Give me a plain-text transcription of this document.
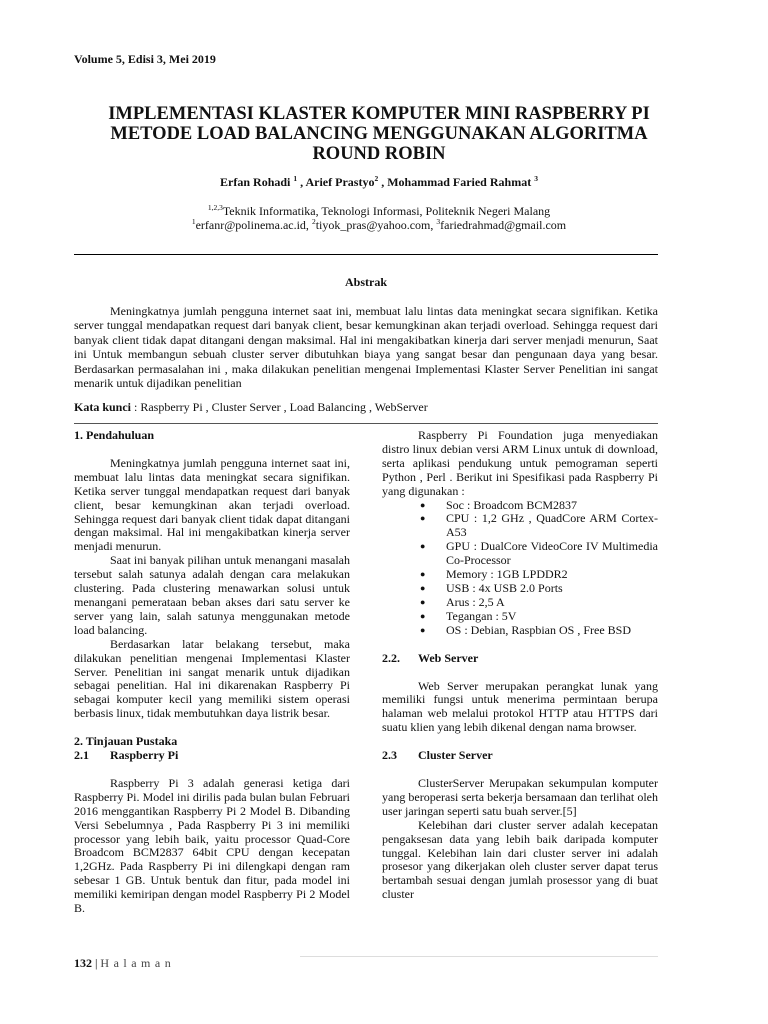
Volume 5, Edisi 3, Mei 2019
IMPLEMENTASI KLASTER KOMPUTER MINI RASPBERRY PI
METODE LOAD BALANCING MENGGUNAKAN ALGORITMA
ROUND ROBIN
Erfan Rohadi $^1$ , Arief Prastyo$^2$ , Mohammad Faried Rahmat $^3$
$^{1,2,3}$Teknik Informatika, Teknologi Informasi, Politeknik Negeri Malang
$^1$erfanr@polinema.ac.id, $^2$tiyok_pras@yahoo.com, $^3$fariedrahmad@gmail.com
Abstrak
Meningkatnya jumlah pengguna internet saat ini, membuat lalu lintas data meningkat secara signifikan. Ketika server tunggal mendapatkan request dari banyak client, besar kemungkinan akan terjadi overload. Sehingga request dari banyak client tidak dapat ditangani dengan maksimal. Hal ini mengakibatkan kinerja dari server menjadi menurun, Saat ini Untuk membangun sebuah cluster server dibutuhkan biaya yang sangat besar dan pengunaan daya yang besar. Berdasarkan permasalahan ini , maka dilakukan penelitian mengenai Implementasi Klaster Server Penelitian ini sangat menarik untuk dijadikan penelitian
Kata kunci : Raspberry Pi , Cluster Server , Load Balancing , WebServer
1. Pendahuluan
Meningkatnya jumlah pengguna internet saat ini, membuat lalu lintas data meningkat secara signifikan. Ketika server tunggal mendapatkan request dari banyak client, besar kemungkinan akan terjadi overload. Sehingga request dari banyak client tidak dapat ditangani dengan maksimal. Hal ini mengakibatkan kinerja server menjadi menurun.
Saat ini banyak pilihan untuk menangani masalah tersebut salah satunya adalah dengan cara melakukan clustering. Pada clustering menawarkan solusi untuk menangani pemerataan beban akses dari satu server ke server yang lain, salah satunya menggunakan metode load balancing.
Berdasarkan latar belakang tersebut, maka dilakukan penelitian mengenai Implementasi Klaster Server. Penelitian ini sangat menarik untuk dijadikan sebagai penelitian. Hal ini dikarenakan Raspberry Pi sebagai komputer kecil yang memiliki sistem operasi berbasis linux, tidak membutuhkan daya listrik besar.
2. Tinjauan Pustaka
2.1 Raspberry Pi
Raspberry Pi 3 adalah generasi ketiga dari Raspberry Pi. Model ini dirilis pada bulan bulan Februari 2016 menggantikan Raspberry Pi 2 Model B. Dibanding Versi Sebelumnya , Pada Raspberry Pi 3 ini memiliki processor yang lebih baik, yaitu processor Quad-Core Broadcom BCM2837 64bit CPU dengan kecepatan 1,2GHz. Pada Raspberry Pi ini dilengkapi dengan ram sebesar 1 GB. Untuk bentuk dan fitur, pada model ini memiliki kemiripan dengan model Raspberry Pi 2 Model B.
Raspberry Pi Foundation juga menyediakan distro linux debian versi ARM Linux untuk di download, serta aplikasi pendukung untuk pemograman seperti Python , Perl . Berikut ini Spesifikasi pada Raspberry Pi yang digunakan :
● Soc : Broadcom BCM2837
● CPU : 1,2 GHz , QuadCore ARM Cortex-A53
● GPU : DualCore VideoCore IV Multimedia Co-Processor
● Memory : 1GB LPDDR2
● USB : 4x USB 2.0 Ports
● Arus : 2,5 A
● Tegangan : 5V
● OS : Debian, Raspbian OS , Free BSD
2.2. Web Server
Web Server merupakan perangkat lunak yang memiliki fungsi untuk menerima permintaan berupa halaman web melalui protokol HTTP atau HTTPS dari suatu klien yang lebih dikenal dengan nama browser.
2.3 Cluster Server
ClusterServer Merupakan sekumpulan komputer yang beroperasi serta bekerja bersamaan dan terlihat oleh user jaringan seperti satu buah server.[5]
Kelebihan dari cluster server adalah kecepatan pengaksesan data yang lebih baik daripada komputer tunggal. Kelebihan lain dari cluster server ini adalah prosesor yang dikerjakan oleh cluster server dapat terus bertambah sesuai dengan jumlah prosessor yang di buat cluster
132 | Halaman
